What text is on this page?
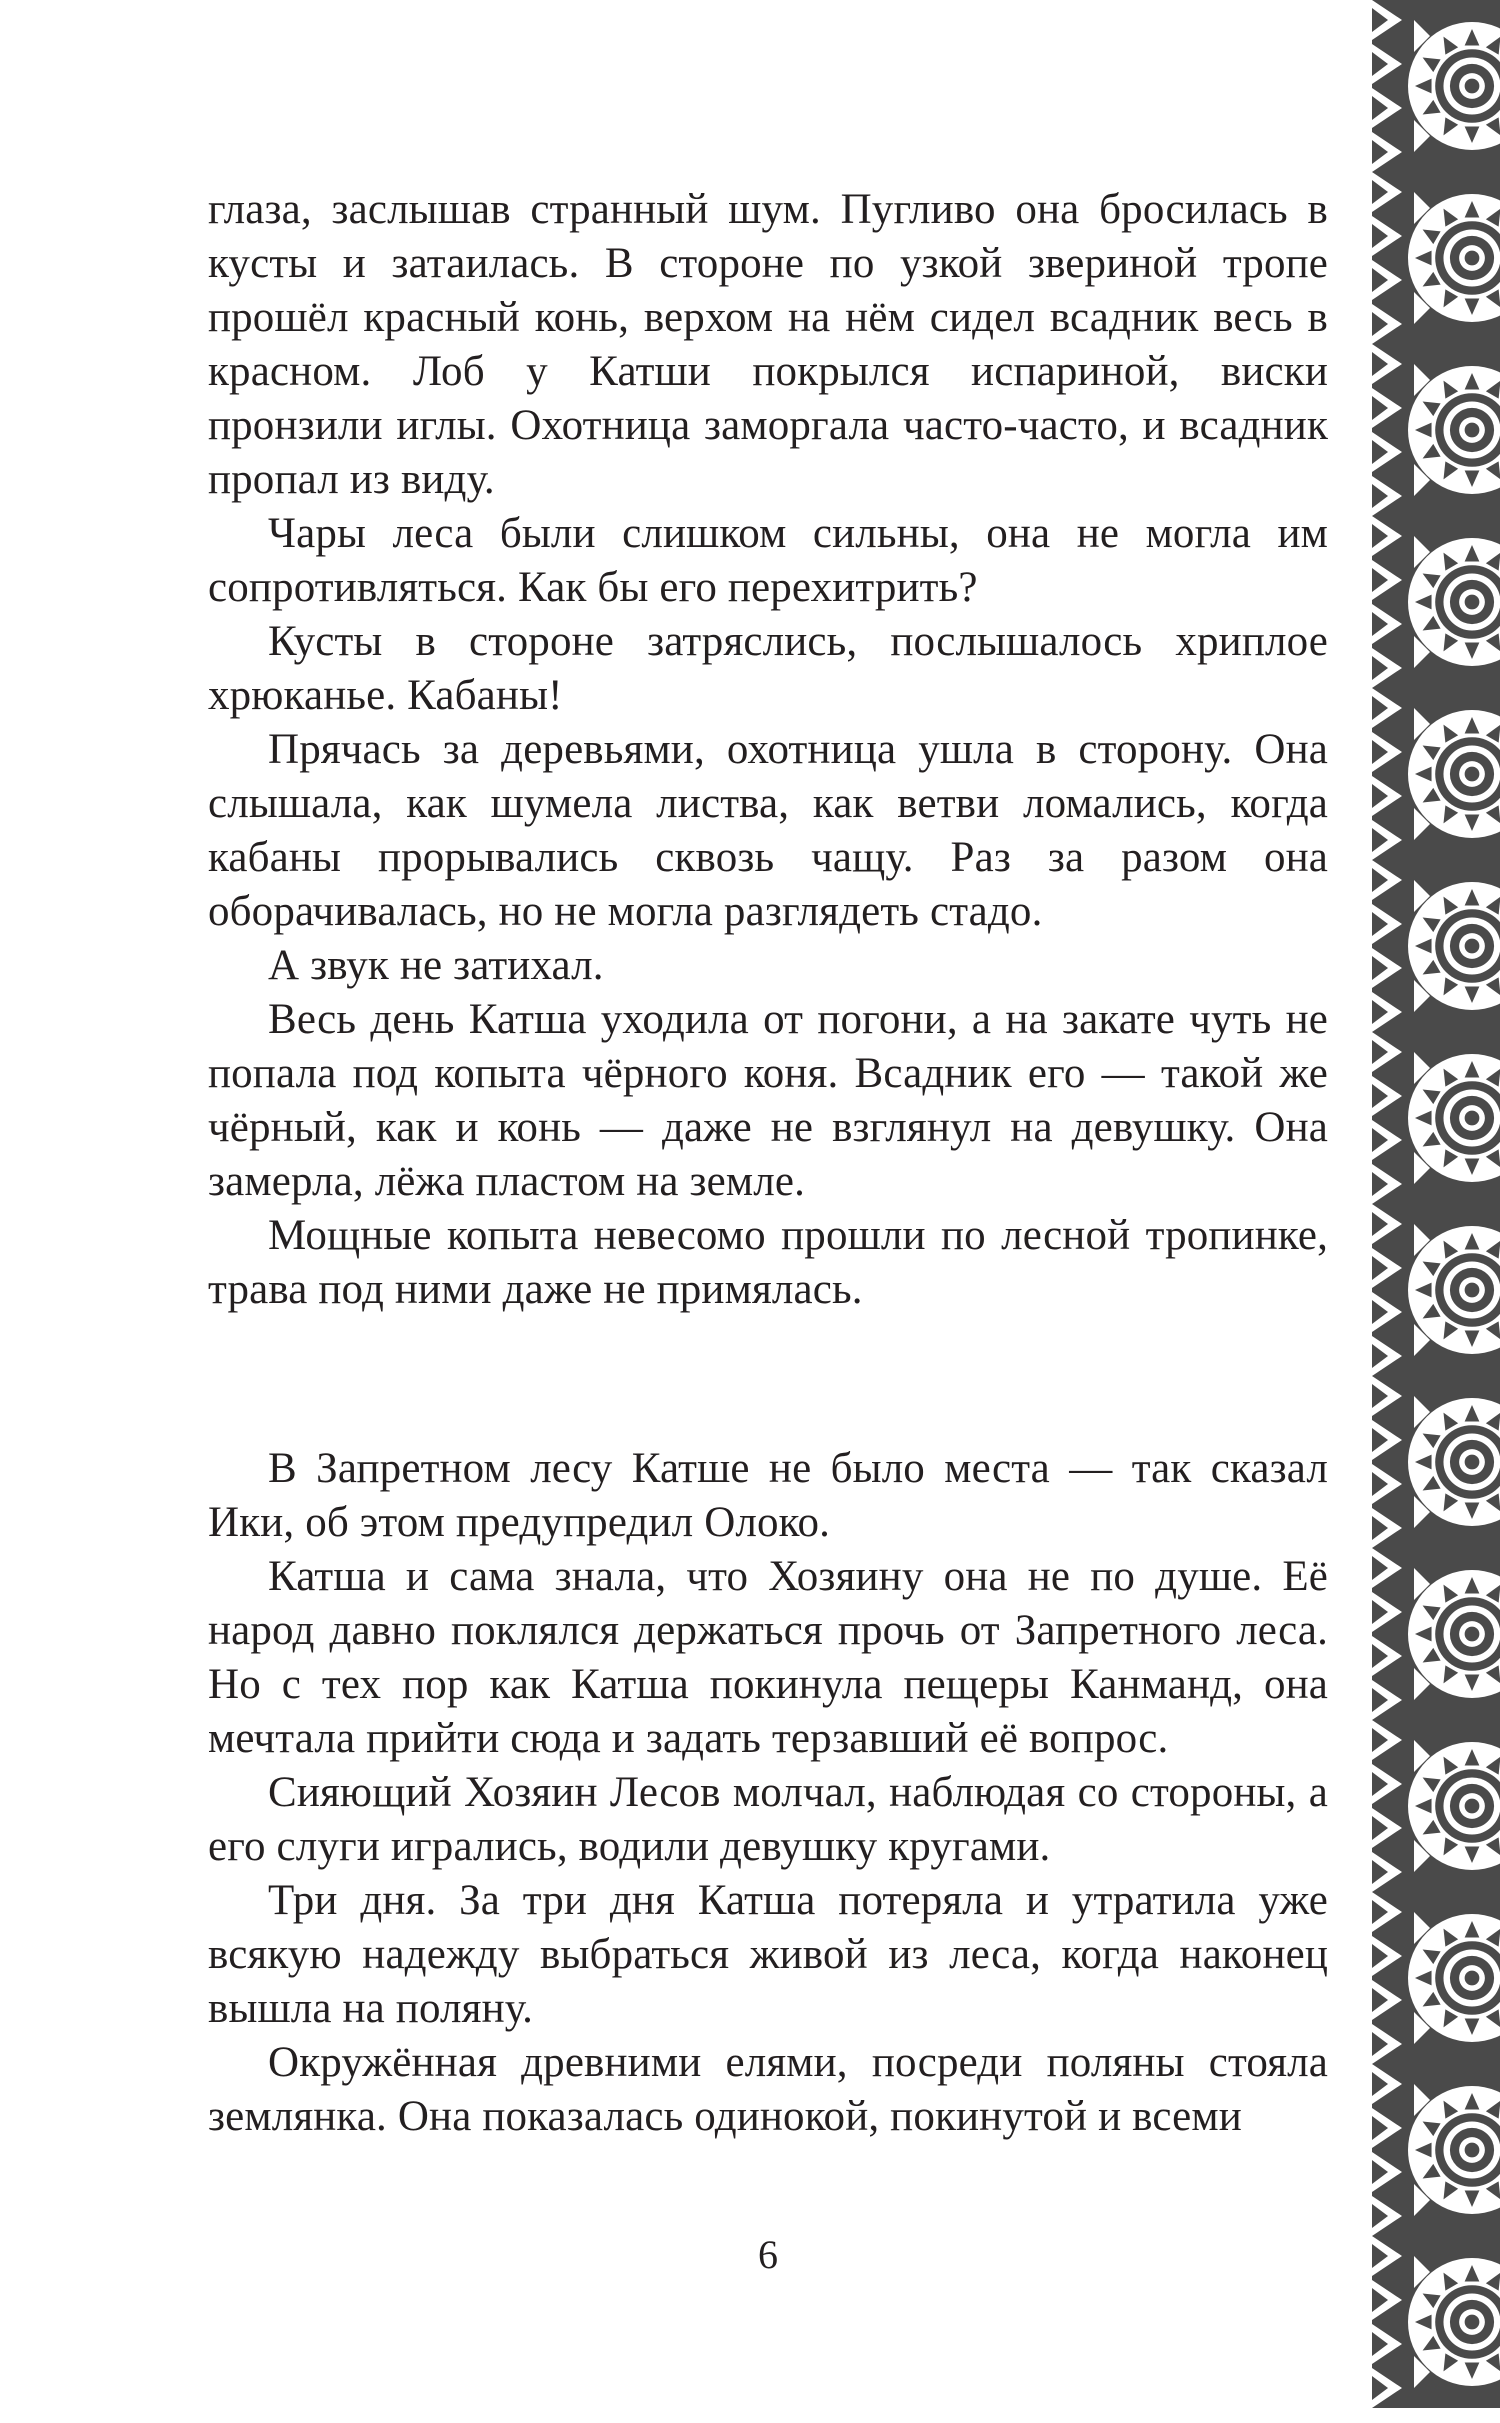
глаза, заслышав странный шум. Пугливо она бросилась в кусты и затаилась. В стороне по узкой звериной тропе прошёл красный конь, верхом на нём сидел всадник весь в красном. Лоб у Катши покрылся испариной, виски пронзили иглы. Охотница заморгала часто-часто, и всадник пропал из виду.

Чары леса были слишком сильны, она не могла им сопротивляться. Как бы его перехитрить?

Кусты в стороне затряслись, послышалось хриплое хрюканье. Кабаны!

Прячась за деревьями, охотница ушла в сторону. Она слышала, как шумела листва, как ветви ломались, когда кабаны прорывались сквозь чащу. Раз за разом она оборачивалась, но не могла разглядеть стадо.

А звук не затихал.

Весь день Катша уходила от погони, а на закате чуть не попала под копыта чёрного коня. Всадник его — такой же чёрный, как и конь — даже не взглянул на девушку. Она замерла, лёжа пластом на земле.

Мощные копыта невесомо прошли по лесной тропинке, трава под ними даже не примялась.

В Запретном лесу Катше не было места — так сказал Ики, об этом предупредил Олоко.

Катша и сама знала, что Хозяину она не по душе. Её народ давно поклялся держаться прочь от Запретного леса. Но с тех пор как Катша покинула пещеры Канманд, она мечтала прийти сюда и задать терзавший её вопрос.

Сияющий Хозяин Лесов молчал, наблюдая со стороны, а его слуги игрались, водили девушку кругами.

Три дня. За три дня Катша потеряла и утратила уже всякую надежду выбраться живой из леса, когда наконец вышла на поляну.

Окружённая древними елями, посреди поляны стояла землянка. Она показалась одинокой, покинутой и всеми

6
